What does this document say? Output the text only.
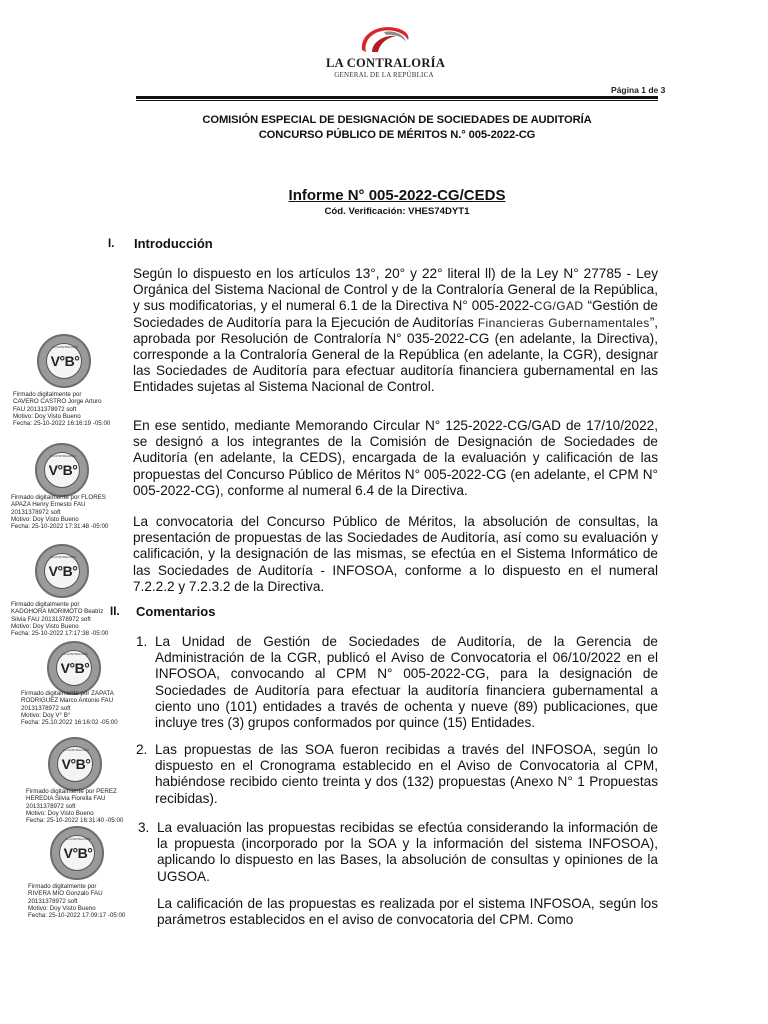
LA CONTRALORÍA
GENERAL DE LA REPÚBLICA
Página 1 de 3
COMISIÓN ESPECIAL DE DESIGNACIÓN DE SOCIEDADES DE AUDITORÍA
CONCURSO PÚBLICO DE MÉRITOS N.° 005-2022-CG
Informe N° 005-2022-CG/CEDS
Cód. Verificación: VHES74DYT1
I. Introducción
Según lo dispuesto en los artículos 13°, 20° y 22° literal ll) de la Ley N° 27785 - Ley Orgánica del Sistema Nacional de Control y de la Contraloría General de la República, y sus modificatorias, y el numeral 6.1 de la Directiva N° 005-2022-CG/GAD “Gestión de Sociedades de Auditoría para la Ejecución de Auditorías Financieras Gubernamentales”, aprobada por Resolución de Contraloría N° 035-2022-CG (en adelante, la Directiva), corresponde a la Contraloría General de la República (en adelante, la CGR), designar las Sociedades de Auditoría para efectuar auditoría financiera gubernamental en las Entidades sujetas al Sistema Nacional de Control.
En ese sentido, mediante Memorando Circular N° 125-2022-CG/GAD de 17/10/2022, se designó a los integrantes de la Comisión de Designación de Sociedades de Auditoría (en adelante, la CEDS), encargada de la evaluación y calificación de las propuestas del Concurso Público de Méritos N° 005-2022-CG (en adelante, el CPM N° 005-2022-CG), conforme al numeral 6.4 de la Directiva.
La convocatoria del Concurso Público de Méritos, la absolución de consultas, la presentación de propuestas de las Sociedades de Auditoría, así como su evaluación y calificación, y la designación de las mismas, se efectúa en el Sistema Informático de las Sociedades de Auditoría - INFOSOA, conforme a lo dispuesto en el numeral 7.2.2.2 y 7.2.3.2 de la Directiva.
II. Comentarios
1. La Unidad de Gestión de Sociedades de Auditoría, de la Gerencia de Administración de la CGR, publicó el Aviso de Convocatoria el 06/10/2022 en el INFOSOA, convocando al CPM N° 005-2022-CG, para la designación de Sociedades de Auditoría para efectuar la auditoría financiera gubernamental a ciento uno (101) entidades a través de ochenta y nueve (89) publicaciones, que incluye tres (3) grupos conformados por quince (15) Entidades.
2. Las propuestas de las SOA fueron recibidas a través del INFOSOA, según lo dispuesto en el Cronograma establecido en el Aviso de Convocatoria al CPM, habiéndose recibido ciento treinta y dos (132) propuestas (Anexo N° 1 Propuestas recibidas).
3. La evaluación las propuestas recibidas se efectúa considerando la información de la propuesta (incorporado por la SOA y la información del sistema INFOSOA), aplicando lo dispuesto en las Bases, la absolución de consultas y opiniones de la UGSOA.
La calificación de las propuestas es realizada por el sistema INFOSOA, según los parámetros establecidos en el aviso de convocatoria del CPM. Como
LA CONTRALORÍA
V°B°
Firmado digitalmente por
CAVERO CASTRO Jorge Arturo
FAU 20131378972 soft
Motivo: Doy Visto Bueno
Fecha: 25-10-2022 16:16:19 -05:00
LA CONTRALORÍA
V°B°
Firmado digitalmente por FLORES
APAZA Henry Ernesto FAU
20131378972 soft
Motivo: Doy Visto Bueno
Fecha: 25-10-2022 17:31:48 -05:00
LA CONTRALORÍA
V°B°
Firmado digitalmente por
KADOHORA MORIMOTO Beatriz
Silvia FAU 20131378972 soft
Motivo: Doy Visto Bueno
Fecha: 25-10-2022 17:17:38 -05:00
LA CONTRALORÍA
V°B°
Firmado digitalmente por ZAPATA
RODRIGUEZ Marco Antonio FAU
20131378972 soft
Motivo: Doy V° B°
Fecha: 25.10.2022 16:16:02 -05:00
LA CONTRALORÍA
V°B°
Firmado digitalmente por PEREZ
HEREDIA Silvia Fiorella FAU
20131378972 soft
Motivo: Doy Visto Bueno
Fecha: 25-10-2022 16:31:40 -05:00
LA CONTRALORÍA
V°B°
Firmado digitalmente por
RIVERA MIO Gonzalo FAU
20131378972 soft
Motivo: Doy Visto Bueno
Fecha: 25-10-2022 17:09:17 -05:00
